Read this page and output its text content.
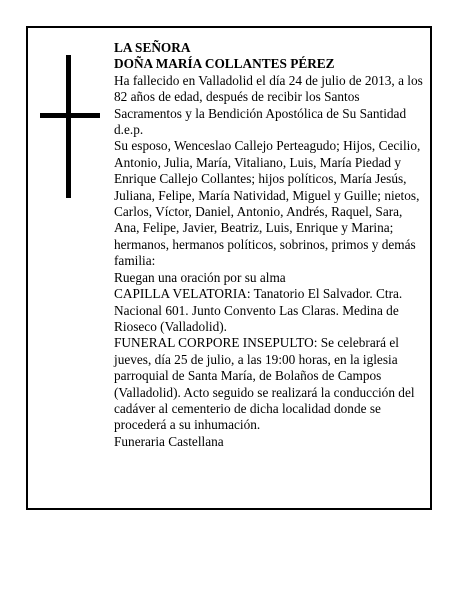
LA SEÑORA

DOÑA MARÍA COLLANTES PÉREZ

Ha fallecido en Valladolid el día 24 de julio de 2013, a los 82 años de edad, después de recibir los Santos Sacramentos y la Bendición Apostólica de Su Santidad d.e.p.

Su esposo, Wenceslao Callejo Perteagudo; Hijos, Cecilio, Antonio, Julia, María, Vitaliano, Luis, María Piedad y Enrique Callejo Collantes; hijos políticos, María Jesús, Juliana, Felipe, María Natividad, Miguel y Guille; nietos, Carlos, Víctor, Daniel, Antonio, Andrés, Raquel, Sara, Ana, Felipe, Javier, Beatriz, Luis, Enrique y Marina; hermanos, hermanos políticos, sobrinos, primos y demás familia:

Ruegan una oración por su alma

CAPILLA VELATORIA: Tanatorio El Salvador. Ctra. Nacional 601. Junto Convento Las Claras. Medina de Rioseco (Valladolid).

FUNERAL CORPORE INSEPULTO: Se celebrará el jueves, día 25 de julio, a las 19:00 horas, en la iglesia parroquial de Santa María, de Bolaños de Campos (Valladolid). Acto seguido se realizará la conducción del cadáver al cementerio de dicha localidad donde se procederá a su inhumación.

Funeraria Castellana
